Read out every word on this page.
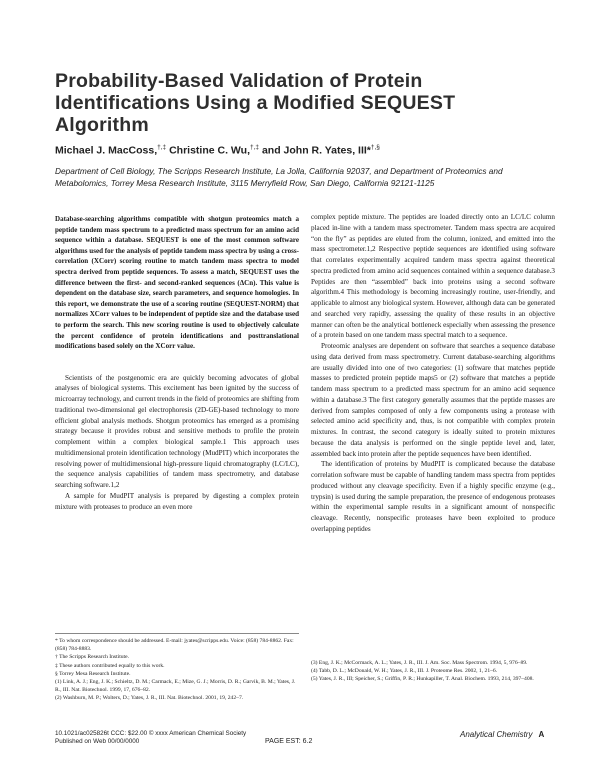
Probability-Based Validation of Protein Identifications Using a Modified SEQUEST Algorithm
Michael J. MacCoss,†,‡ Christine C. Wu,†,‡ and John R. Yates, III*†,§
Department of Cell Biology, The Scripps Research Institute, La Jolla, California 92037, and Department of Proteomics and Metabolomics, Torrey Mesa Research Institute, 3115 Merryfield Row, San Diego, California 92121-1125

Database-searching algorithms compatible with shotgun proteomics match a peptide tandem mass spectrum to a predicted mass spectrum for an amino acid sequence within a database. SEQUEST is one of the most common software algorithms used for the analysis of peptide tandem mass spectra by using a cross-correlation (XCorr) scoring routine to match tandem mass spectra to model spectra derived from peptide sequences. To assess a match, SEQUEST uses the difference between the first- and second-ranked sequences (ΔCn). This value is dependent on the database size, search parameters, and sequence homologies. In this report, we demonstrate the use of a scoring routine (SEQUEST-NORM) that normalizes XCorr values to be independent of peptide size and the database used to perform the search. This new scoring routine is used to objectively calculate the percent confidence of protein identifications and posttranslational modifications based solely on the XCorr value.

Scientists of the postgenomic era are quickly becoming advocates of global analyses of biological systems. This excitement has been ignited by the success of microarray technology, and current trends in the field of proteomics are shifting from traditional two-dimensional gel electrophoresis (2D-GE)-based technology to more efficient global analysis methods. Shotgun proteomics has emerged as a promising strategy because it provides robust and sensitive methods to profile the protein complement within a complex biological sample.1 This approach uses multidimensional protein identification technology (MudPIT) which incorporates the resolving power of multidimensional high-pressure liquid chromatography (LC/LC), the sequence analysis capabilities of tandem mass spectrometry, and database searching software.1,2

A sample for MudPIT analysis is prepared by digesting a complex protein mixture with proteases to produce an even more

complex peptide mixture. The peptides are loaded directly onto an LC/LC column placed in-line with a tandem mass spectrometer. Tandem mass spectra are acquired “on the fly” as peptides are eluted from the column, ionized, and emitted into the mass spectrometer.1,2 Respective peptide sequences are identified using software that correlates experimentally acquired tandem mass spectra against theoretical spectra predicted from amino acid sequences contained within a sequence database.3 Peptides are then “assembled” back into proteins using a second software algorithm.4 This methodology is becoming increasingly routine, user-friendly, and applicable to almost any biological system. However, although data can be generated and searched very rapidly, assessing the quality of these results in an objective manner can often be the analytical bottleneck especially when assessing the presence of a protein based on one tandem mass spectral match to a sequence.

Proteomic analyses are dependent on software that searches a sequence database using data derived from mass spectrometry. Current database-searching algorithms are usually divided into one of two categories: (1) software that matches peptide masses to predicted protein peptide maps5 or (2) software that matches a peptide tandem mass spectrum to a predicted mass spectrum for an amino acid sequence within a database.3 The first category generally assumes that the peptide masses are derived from samples composed of only a few components using a protease with selected amino acid specificity and, thus, is not compatible with complex protein mixtures. In contrast, the second category is ideally suited to protein mixtures because the data analysis is performed on the single peptide level and, later, assembled back into protein after the peptide sequences have been identified.

The identification of proteins by MudPIT is complicated because the database correlation software must be capable of handling tandem mass spectra from peptides produced without any cleavage specificity. Even if a highly specific enzyme (e.g., trypsin) is used during the sample preparation, the presence of endogenous proteases within the experimental sample results in a significant amount of nonspecific cleavage. Recently, nonspecific proteases have been exploited to produce overlapping peptides

* To whom correspondence should be addressed. E-mail: jyates@scripps.edu. Voice: (858) 784-8862. Fax: (858) 784-8883.
† The Scripps Research Institute.
‡ These authors contributed equally to this work.
§ Torrey Mesa Research Institute.
(1) Link, A. J.; Eng, J. K.; Schieltz, D. M.; Carmack, E.; Mize, G. J.; Morris, D. R.; Garvik, B. M.; Yates, J. R., III. Nat. Biotechnol. 1999, 17, 676–82.
(2) Washburn, M. P.; Wolters, D.; Yates, J. R., III. Nat. Biotechnol. 2001, 19, 242–7.
(3) Eng, J. K.; McCormack, A. L.; Yates, J. R., III. J. Am. Soc. Mass Spectrom. 1994, 5, 976–89.
(4) Tabb, D. L.; McDonald, W. H.; Yates, J. R., III. J. Proteome Res. 2002, 1, 21–6.
(5) Yates, J. R., III; Speicher, S.; Griffin, P. R.; Hunkapiller, T. Anal. Biochem. 1993, 214, 397–408.
10.1021/ac025826t CCC: $22.00 © xxxx American Chemical Society
Published on Web 00/00/0000	PAGE EST: 6.2
Analytical Chemistry A
